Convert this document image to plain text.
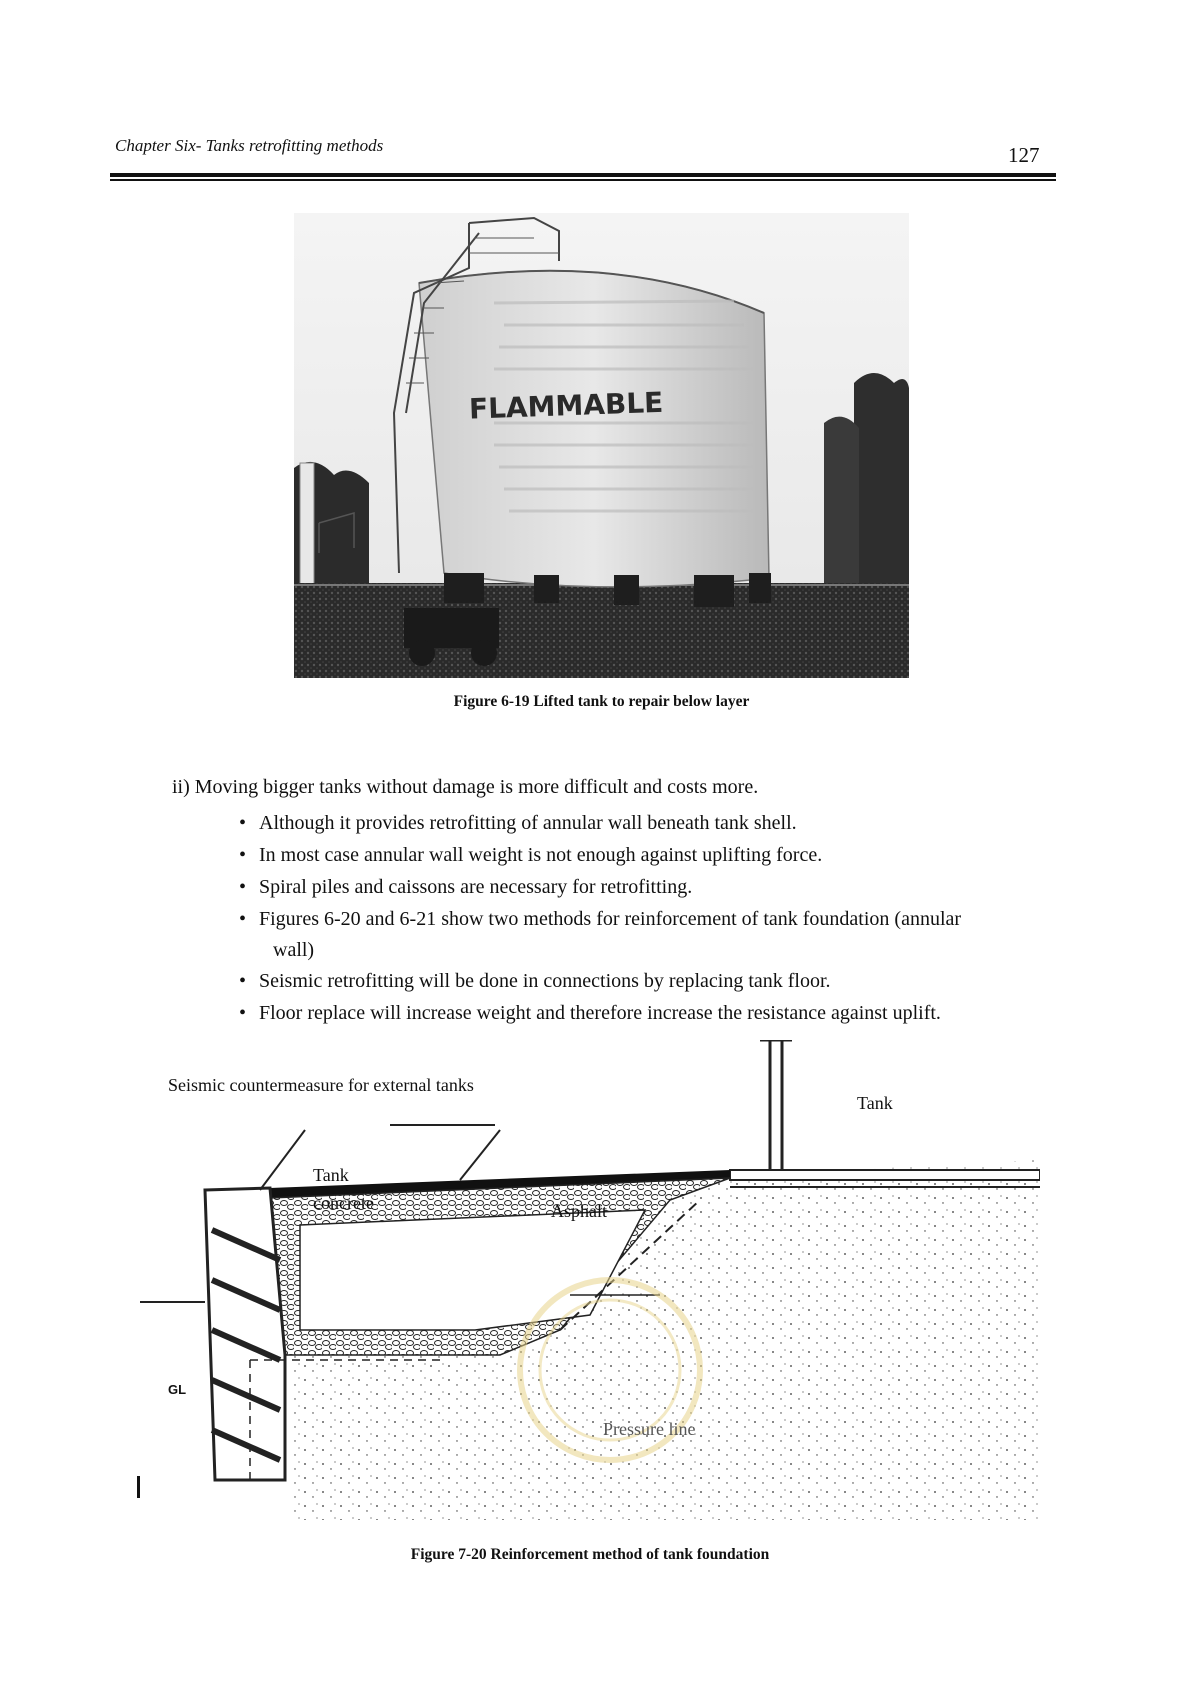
Chapter Six- Tanks retrofitting methods	127
FLAMMABLE
Figure 6-19 Lifted tank to repair below layer
ii) Moving bigger tanks without damage is more difficult and costs more.
• Although it provides retrofitting of annular wall beneath tank shell.
• In most case annular wall weight is not enough against uplifting force.
• Spiral piles and caissons are necessary for retrofitting.
• Figures 6-20 and 6-21 show two methods for reinforcement of tank foundation (annular
wall)
• Seismic retrofitting will be done in connections by replacing tank floor.
• Floor replace will increase weight and therefore increase the resistance against uplift.
Seismic countermeasure for external tanks
Tank
Tank
concrete	Asphalt
Pressure line
GL
Figure 7-20 Reinforcement method of tank foundation
